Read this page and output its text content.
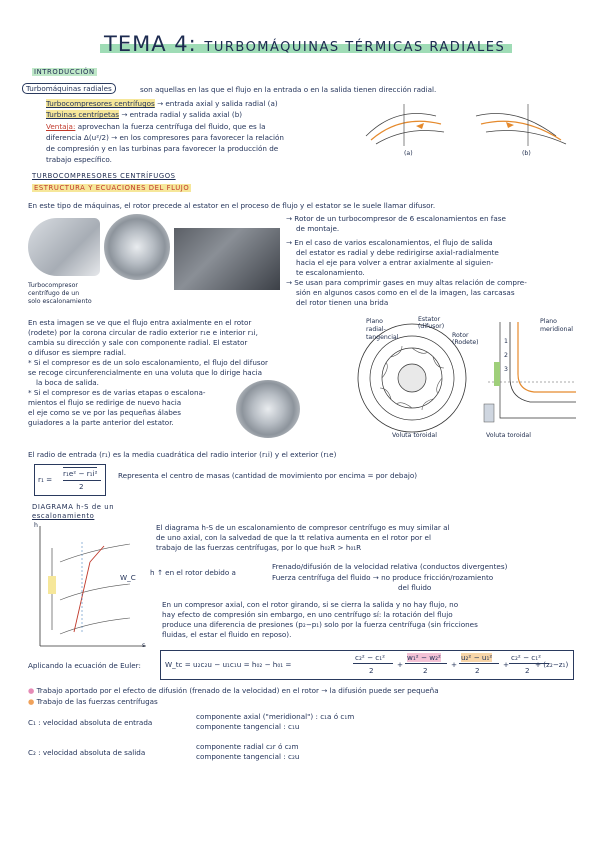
TEMA 4: TURBOMÁQUINAS TÉRMICAS RADIALES
INTRODUCCIÓN
Turbomáquinas radiales	son aquellas en las que el flujo en la entrada o en la salida tienen dirección radial.
Turbocompresores centrífugos → entrada axial y salida radial (a)
Turbinas centrípetas → entrada radial y salida axial (b)
Ventaja: aprovechan la fuerza centrífuga del fluido, que es la
diferencia Δ(u²/2) → en los compresores para favorecer la relación
de compresión y en las turbinas para favorecer la producción de
trabajo específico.
(a)	(b)
TURBOCOMPRESORES CENTRÍFUGOS
ESTRUCTURA Y ECUACIONES DEL FLUJO
En este tipo de máquinas, el rotor precede al estator en el proceso de flujo y el estator se le suele llamar difusor.
Turbocompresor
centrífugo de un
solo escalonamiento
→ Rotor de un turbocompresor de 6 escalonamientos en fase
de montaje.
→ En el caso de varios escalonamientos, el flujo de salida
del estator es radial y debe redirigirse axial-radialmente
hacia el eje para volver a entrar axialmente al siguien-
te escalonamiento.
→ Se usan para comprimir gases en muy altas relación de compre-
sión en algunos casos como en el de la imagen, las carcasas
del rotor tienen una brida
En esta imagen se ve que el flujo entra axialmente en el rotor
(rodete) por la corona circular de radio exterior r₁e e interior r₁i,
cambia su dirección y sale con componente radial. El estator
o difusor es siempre radial.
* Si el compresor es de un solo escalonamiento, el flujo del difusor
se recoge circunferencialmente en una voluta que lo dirige hacia
la boca de salida.
* Si el compresor es de varias etapas o escalona-
mientos el flujo se redirige de nuevo hacia
el eje como se ve por las pequeñas álabes
guiadores a la parte anterior del estator.
Plano
radial-
tangencial
Estator
(difusor)
Rotor
(Rodete)
Voluta toroidal
Plano
meridional
1
2
3
Voluta toroidal
El radio de entrada (r₁) es la media cuadrática del radio interior (r₁i) y el exterior (r₁e)
r₁ =
r₁e² − r₁i²
2
Representa el centro de masas (cantidad de movimiento por encima = por debajo)
DIAGRAMA h-S de un
escalonamiento
h
s
W_C
El diagrama h-S de un escalonamiento de compresor centrífugo es muy similar al
de uno axial, con la salvedad de que la tt relativa aumenta en el rotor por el
trabajo de las fuerzas centrífugas, por lo que h₀₂R > h₀₁R
h ↑ en el rotor debido a
Frenado/difusión de la velocidad relativa (conductos divergentes)
Fuerza centrífuga del fluido → no produce fricción/rozamiento
del fluido
En un compresor axial, con el rotor girando, si se cierra la salida y no hay flujo, no
hay efecto de compresión sin embargo, en uno centrífugo sí: la rotación del flujo
produce una diferencia de presiones (p₂−p₁) solo por la fuerza centrífuga (sin fricciones
fluidas, el estar el fluido en reposo).
Aplicando la ecuación de Euler:	W_tc = u₂c₂u − u₁c₁u = h₀₂ − h₀₁ =
c₂² − c₁²
2
+
w₁² − w₂²
2
+
u₂² − u₁²
2
+
c₂² − c₁²
2
+ (z₂−z₁)
● Trabajo aportado por el efecto de difusión (frenado de la velocidad) en el rotor → la difusión puede ser pequeña
● Trabajo de las fuerzas centrífugas
C₁ : velocidad absoluta de entrada
componente axial ("meridional") : c₁a ó c₁m
componente tangencial : c₁u
C₂ : velocidad absoluta de salida
componente radial c₂r ó c₂m
componente tangencial : c₂u
